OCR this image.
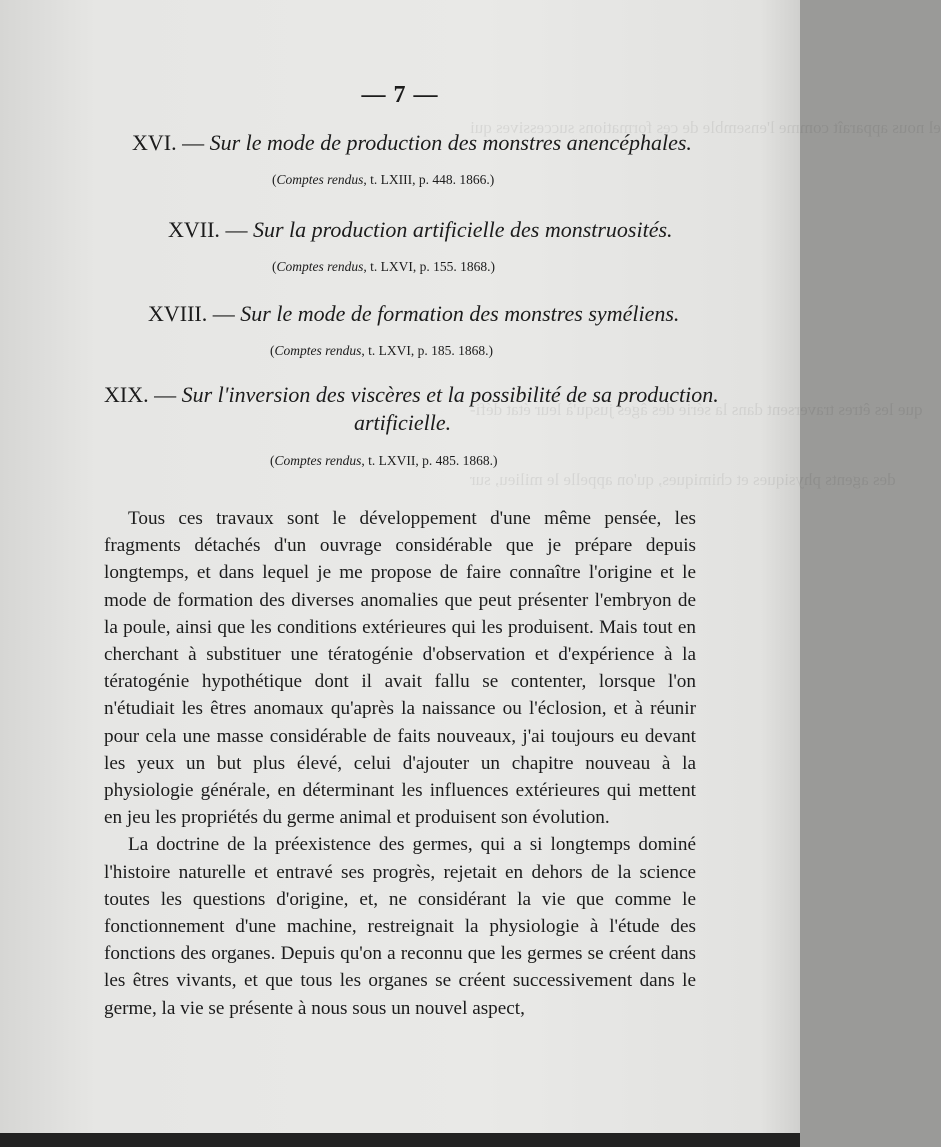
el nous apparaît comme l'ensemble de ces formations successives qui
que les êtres traversent dans la série des âges jusqu'à leur état défi-
des agents physiques et chimiques, qu'on appelle le milieu, sur
— 7 —
XVI. — Sur le mode de production des monstres anencéphales.
(Comptes rendus, t. LXIII, p. 448. 1866.)
XVII. — Sur la production artificielle des monstruosités.
(Comptes rendus, t. LXVI, p. 155. 1868.)
XVIII. — Sur le mode de formation des monstres syméliens.
(Comptes rendus, t. LXVI, p. 185. 1868.)
XIX. — Sur l'inversion des viscères et la possibilité de sa production.
artificielle.
(Comptes rendus, t. LXVII, p. 485. 1868.)

Tous ces travaux sont le développement d'une même pensée, les fragments détachés d'un ouvrage considérable que je prépare depuis longtemps, et dans lequel je me propose de faire connaître l'origine et le mode de formation des diverses anomalies que peut présenter l'embryon de la poule, ainsi que les conditions extérieures qui les produisent. Mais tout en cherchant à substituer une tératogénie d'observation et d'expérience à la tératogénie hypothétique dont il avait fallu se contenter, lorsque l'on n'étudiait les êtres anomaux qu'après la naissance ou l'éclosion, et à réunir pour cela une masse considérable de faits nouveaux, j'ai toujours eu devant les yeux un but plus élevé, celui d'ajouter un chapitre nouveau à la physiologie générale, en déterminant les influences extérieures qui mettent en jeu les propriétés du germe animal et produisent son évolution.

La doctrine de la préexistence des germes, qui a si longtemps dominé l'histoire naturelle et entravé ses progrès, rejetait en dehors de la science toutes les questions d'origine, et, ne considérant la vie que comme le fonctionnement d'une machine, restreignait la physiologie à l'étude des fonctions des organes. Depuis qu'on a reconnu que les germes se créent dans les êtres vivants, et que tous les organes se créent successivement dans le germe, la vie se présente à nous sous un nouvel aspect,
